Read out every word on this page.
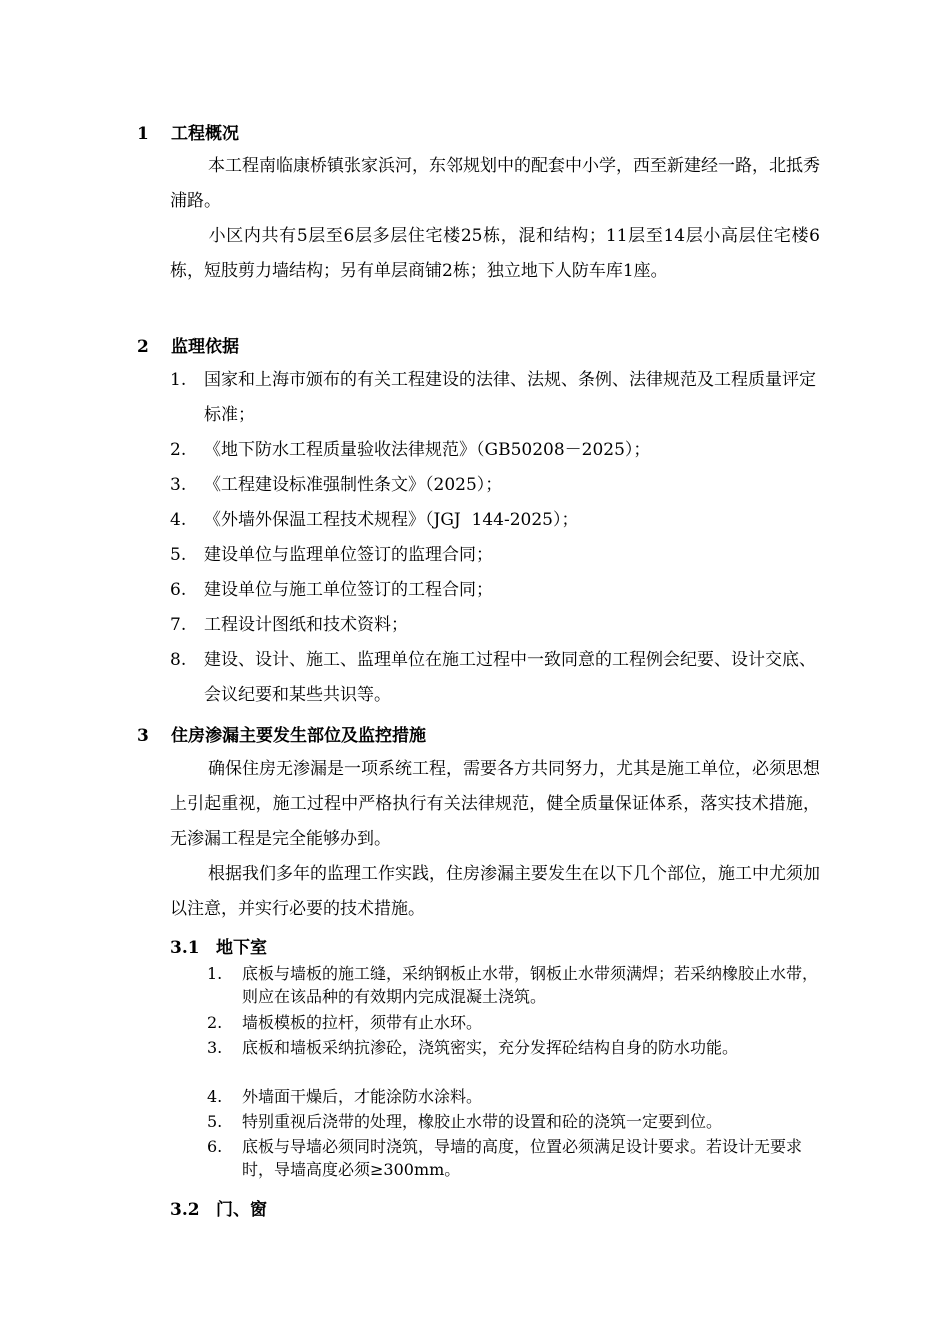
1 工程概况
本工程南临康桥镇张家浜河，东邻规划中的配套中小学，西至新建经一路，北抵秀浦路。
小区内共有5层至6层多层住宅楼25栋，混和结构；11层至14层小高层住宅楼6栋，短肢剪力墙结构；另有单层商铺2栋；独立地下人防车库1座。
2 监理依据
1. 国家和上海市颁布的有关工程建设的法律、法规、条例、法律规范及工程质量评定标准；
2. 《地下防水工程质量验收法律规范》（GB50208－2025）；
3. 《工程建设标准强制性条文》（2025）；
4. 《外墙外保温工程技术规程》（JGJ  144-2025）；
5. 建设单位与监理单位签订的监理合同；
6. 建设单位与施工单位签订的工程合同；
7. 工程设计图纸和技术资料；
8. 建设、设计、施工、监理单位在施工过程中一致同意的工程例会纪要、设计交底、会议纪要和某些共识等。
3 住房渗漏主要发生部位及监控措施
确保住房无渗漏是一项系统工程，需要各方共同努力，尤其是施工单位，必须思想上引起重视，施工过程中严格执行有关法律规范，健全质量保证体系，落实技术措施，无渗漏工程是完全能够办到。
根据我们多年的监理工作实践，住房渗漏主要发生在以下几个部位，施工中尤须加以注意，并实行必要的技术措施。
3.1 地下室
1. 底板与墙板的施工缝，采纳钢板止水带，钢板止水带须满焊；若采纳橡胶止水带，则应在该品种的有效期内完成混凝土浇筑。
2. 墙板模板的拉杆，须带有止水环。
3. 底板和墙板采纳抗渗砼，浇筑密实，充分发挥砼结构自身的防水功能。
4. 外墙面干燥后，才能涂防水涂料。
5. 特别重视后浇带的处理，橡胶止水带的设置和砼的浇筑一定要到位。
6. 底板与导墙必须同时浇筑，导墙的高度，位置必须满足设计要求。若设计无要求时，导墙高度必须≥300mm。
3.2 门、窗
